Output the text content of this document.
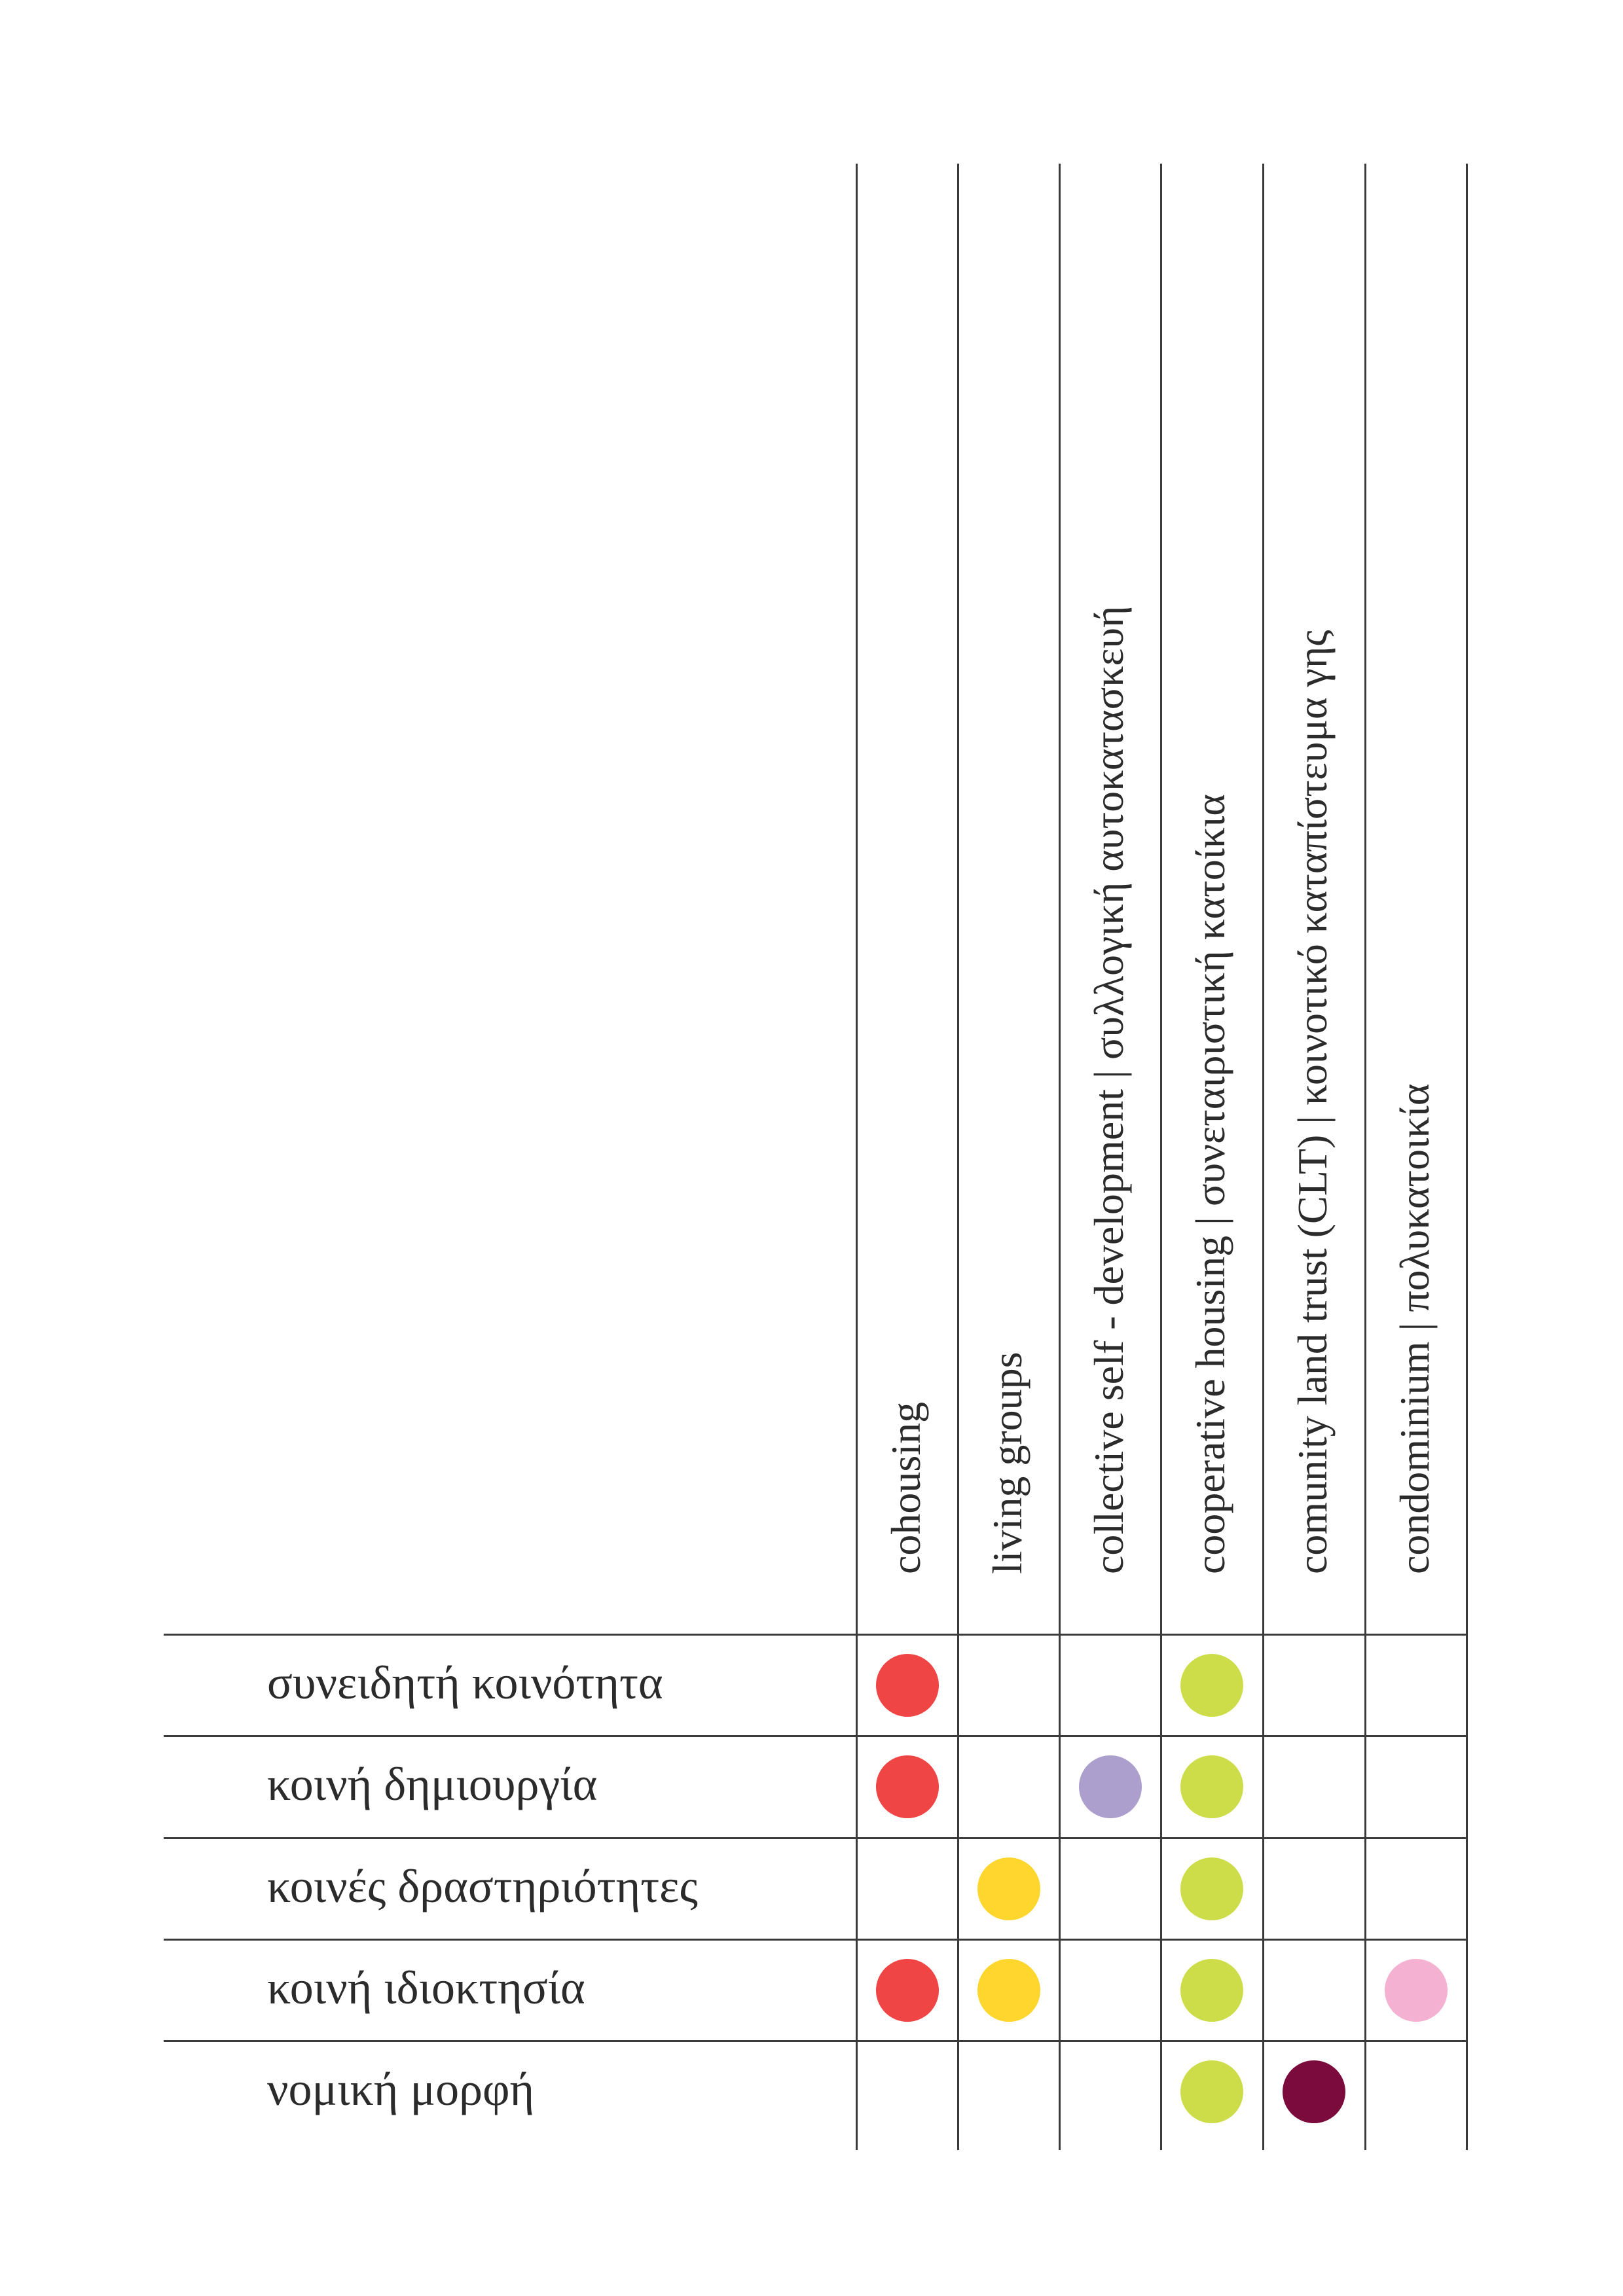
cohousing living groups collective self - development | συλλογική αυτοκατασκευή cooperative housing | συνεταιριστική κατοίκια comunity land trust (CLT) | κοινοτικό καταπίστευμα γης condominium | πολυκατοικία
συνειδητή κοινότητα
κοινή δημιουργία
κοινές δραστηριότητες
κοινή ιδιοκτησία
νομική μορφή
